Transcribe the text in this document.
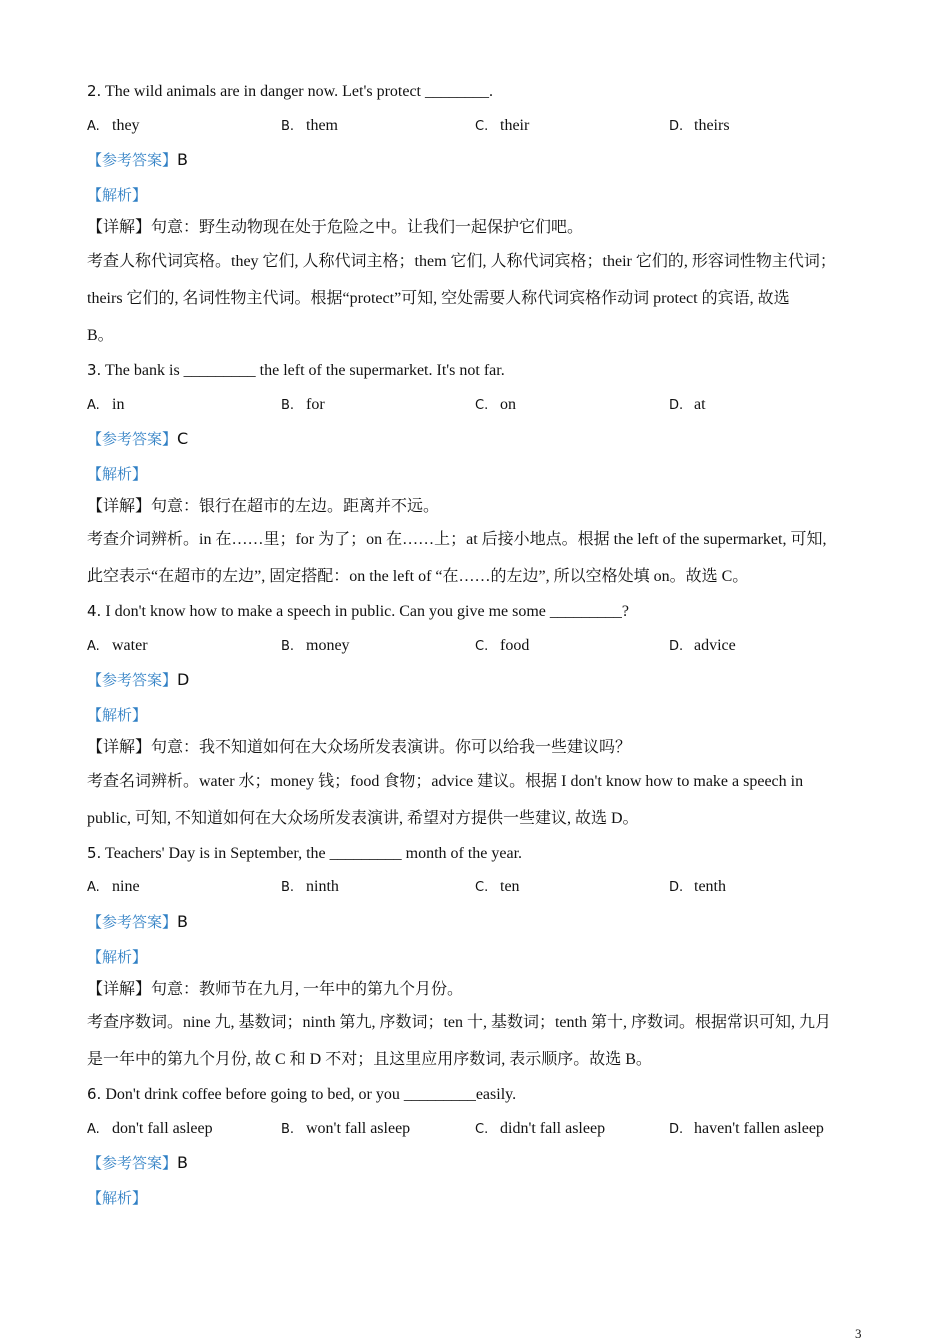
2. The wild animals are in danger now. Let's protect ________.
A. they	B. them	C. their	D. theirs
【参考答案】B
【解析】
【详解】句意：野生动物现在处于危险之中。让我们一起保护它们吧。
考查人称代词宾格。they 它们, 人称代词主格；them 它们, 人称代词宾格；their 它们的, 形容词性物主代词；
theirs 它们的, 名词性物主代词。根据“protect”可知, 空处需要人称代词宾格作动词 protect 的宾语, 故选
B。
3. The bank is _________ the left of the supermarket. It's not far.
A. in	B. for	C. on	D. at
【参考答案】C
【解析】
【详解】句意：银行在超市的左边。距离并不远。
考查介词辨析。in 在……里；for 为了；on 在……上；at 后接小地点。根据 the left of the supermarket, 可知,
此空表示“在超市的左边”, 固定搭配：on the left of “在……的左边”, 所以空格处填 on。故选 C。
4. I don't know how to make a speech in public. Can you give me some _________?
A. water	B. money	C. food	D. advice
【参考答案】D
【解析】
【详解】句意：我不知道如何在大众场所发表演讲。你可以给我一些建议吗？
考查名词辨析。water 水；money 钱；food 食物；advice 建议。根据 I don't know how to make a speech in
public, 可知, 不知道如何在大众场所发表演讲, 希望对方提供一些建议, 故选 D。
5. Teachers' Day is in September, the _________ month of the year.
A. nine	B. ninth	C. ten	D. tenth
【参考答案】B
【解析】
【详解】句意：教师节在九月, 一年中的第九个月份。
考查序数词。nine 九, 基数词；ninth 第九, 序数词；ten 十, 基数词；tenth 第十, 序数词。根据常识可知, 九月
是一年中的第九个月份, 故 C 和 D 不对；且这里应用序数词, 表示顺序。故选 B。
6. Don't drink coffee before going to bed, or you _________easily.
A. don't fall asleep	B. won't fall asleep	C. didn't fall asleep	D. haven't fallen asleep
【参考答案】B
【解析】
3
